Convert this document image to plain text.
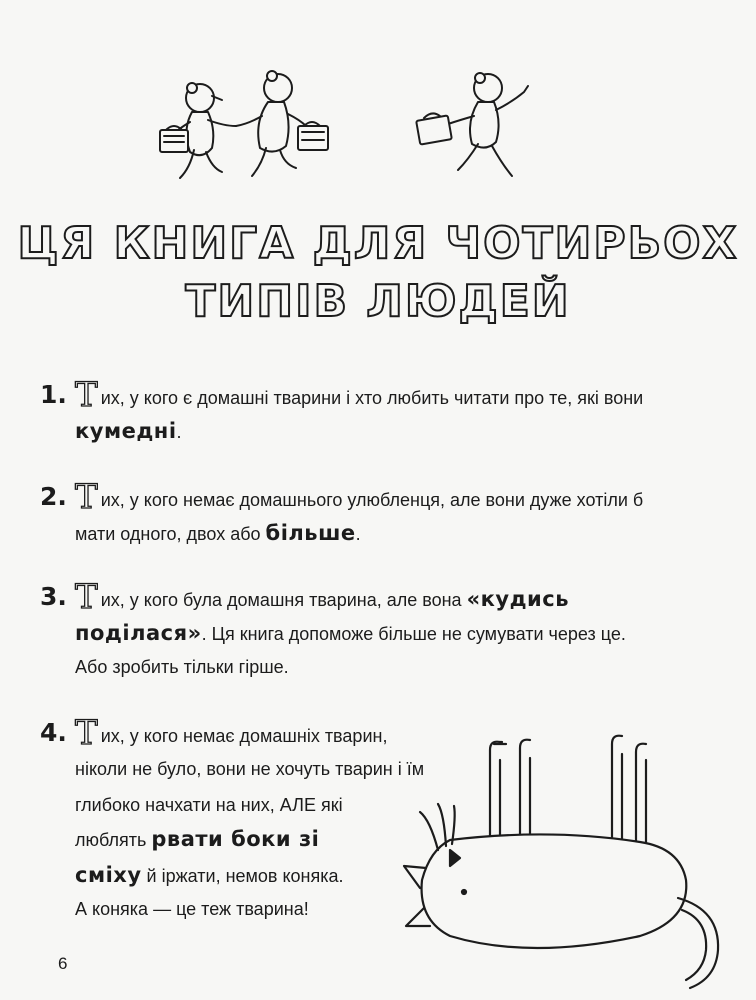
ЦЯ КНИГА ДЛЯ ЧОТИРЬОХ
ТИПІВ ЛЮДЕЙ
1. Тих, у кого є домашні тварини і хто любить читати про те, які вони
кумедні.
2. Тих, у кого немає домашнього улюбленця, але вони дуже хотіли б
мати одного, двох або більше.
3. Тих, у кого була домашня тварина, але вона «кудись
поділася». Ця книга допоможе більше не сумувати через це.
Або зробить тільки гірше.
4. Тих, у кого немає домашніх тварин,
ніколи не було, вони не хочуть тварин і їм
глибоко начхати на них, АЛЕ які
люблять рвати боки зі
сміху й іржати, немов коняка.
А коняка — це теж тварина!
6
